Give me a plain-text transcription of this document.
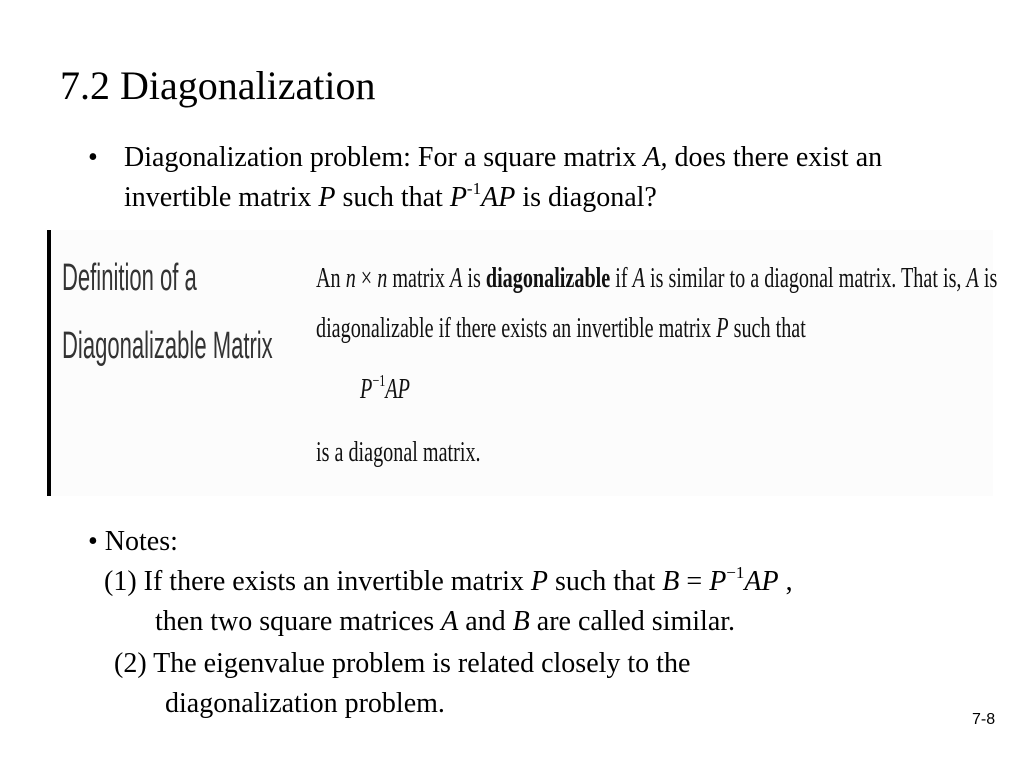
7.2 Diagonalization
• Diagonalization problem: For a square matrix A, does there exist an invertible matrix P such that $P^{-1}AP$ is diagonal?
Definition of a
Diagonalizable Matrix
An n × n matrix A is diagonalizable if A is similar to a diagonal matrix. That is, A is
diagonalizable if there exists an invertible matrix P such that
$P^{-1}AP$
is a diagonal matrix.
• Notes:
(1) If there exists an invertible matrix P such that $B = P^{-1}AP$ ,
then two square matrices A and B are called similar.
(2) The eigenvalue problem is related closely to the
diagonalization problem.
7-8
